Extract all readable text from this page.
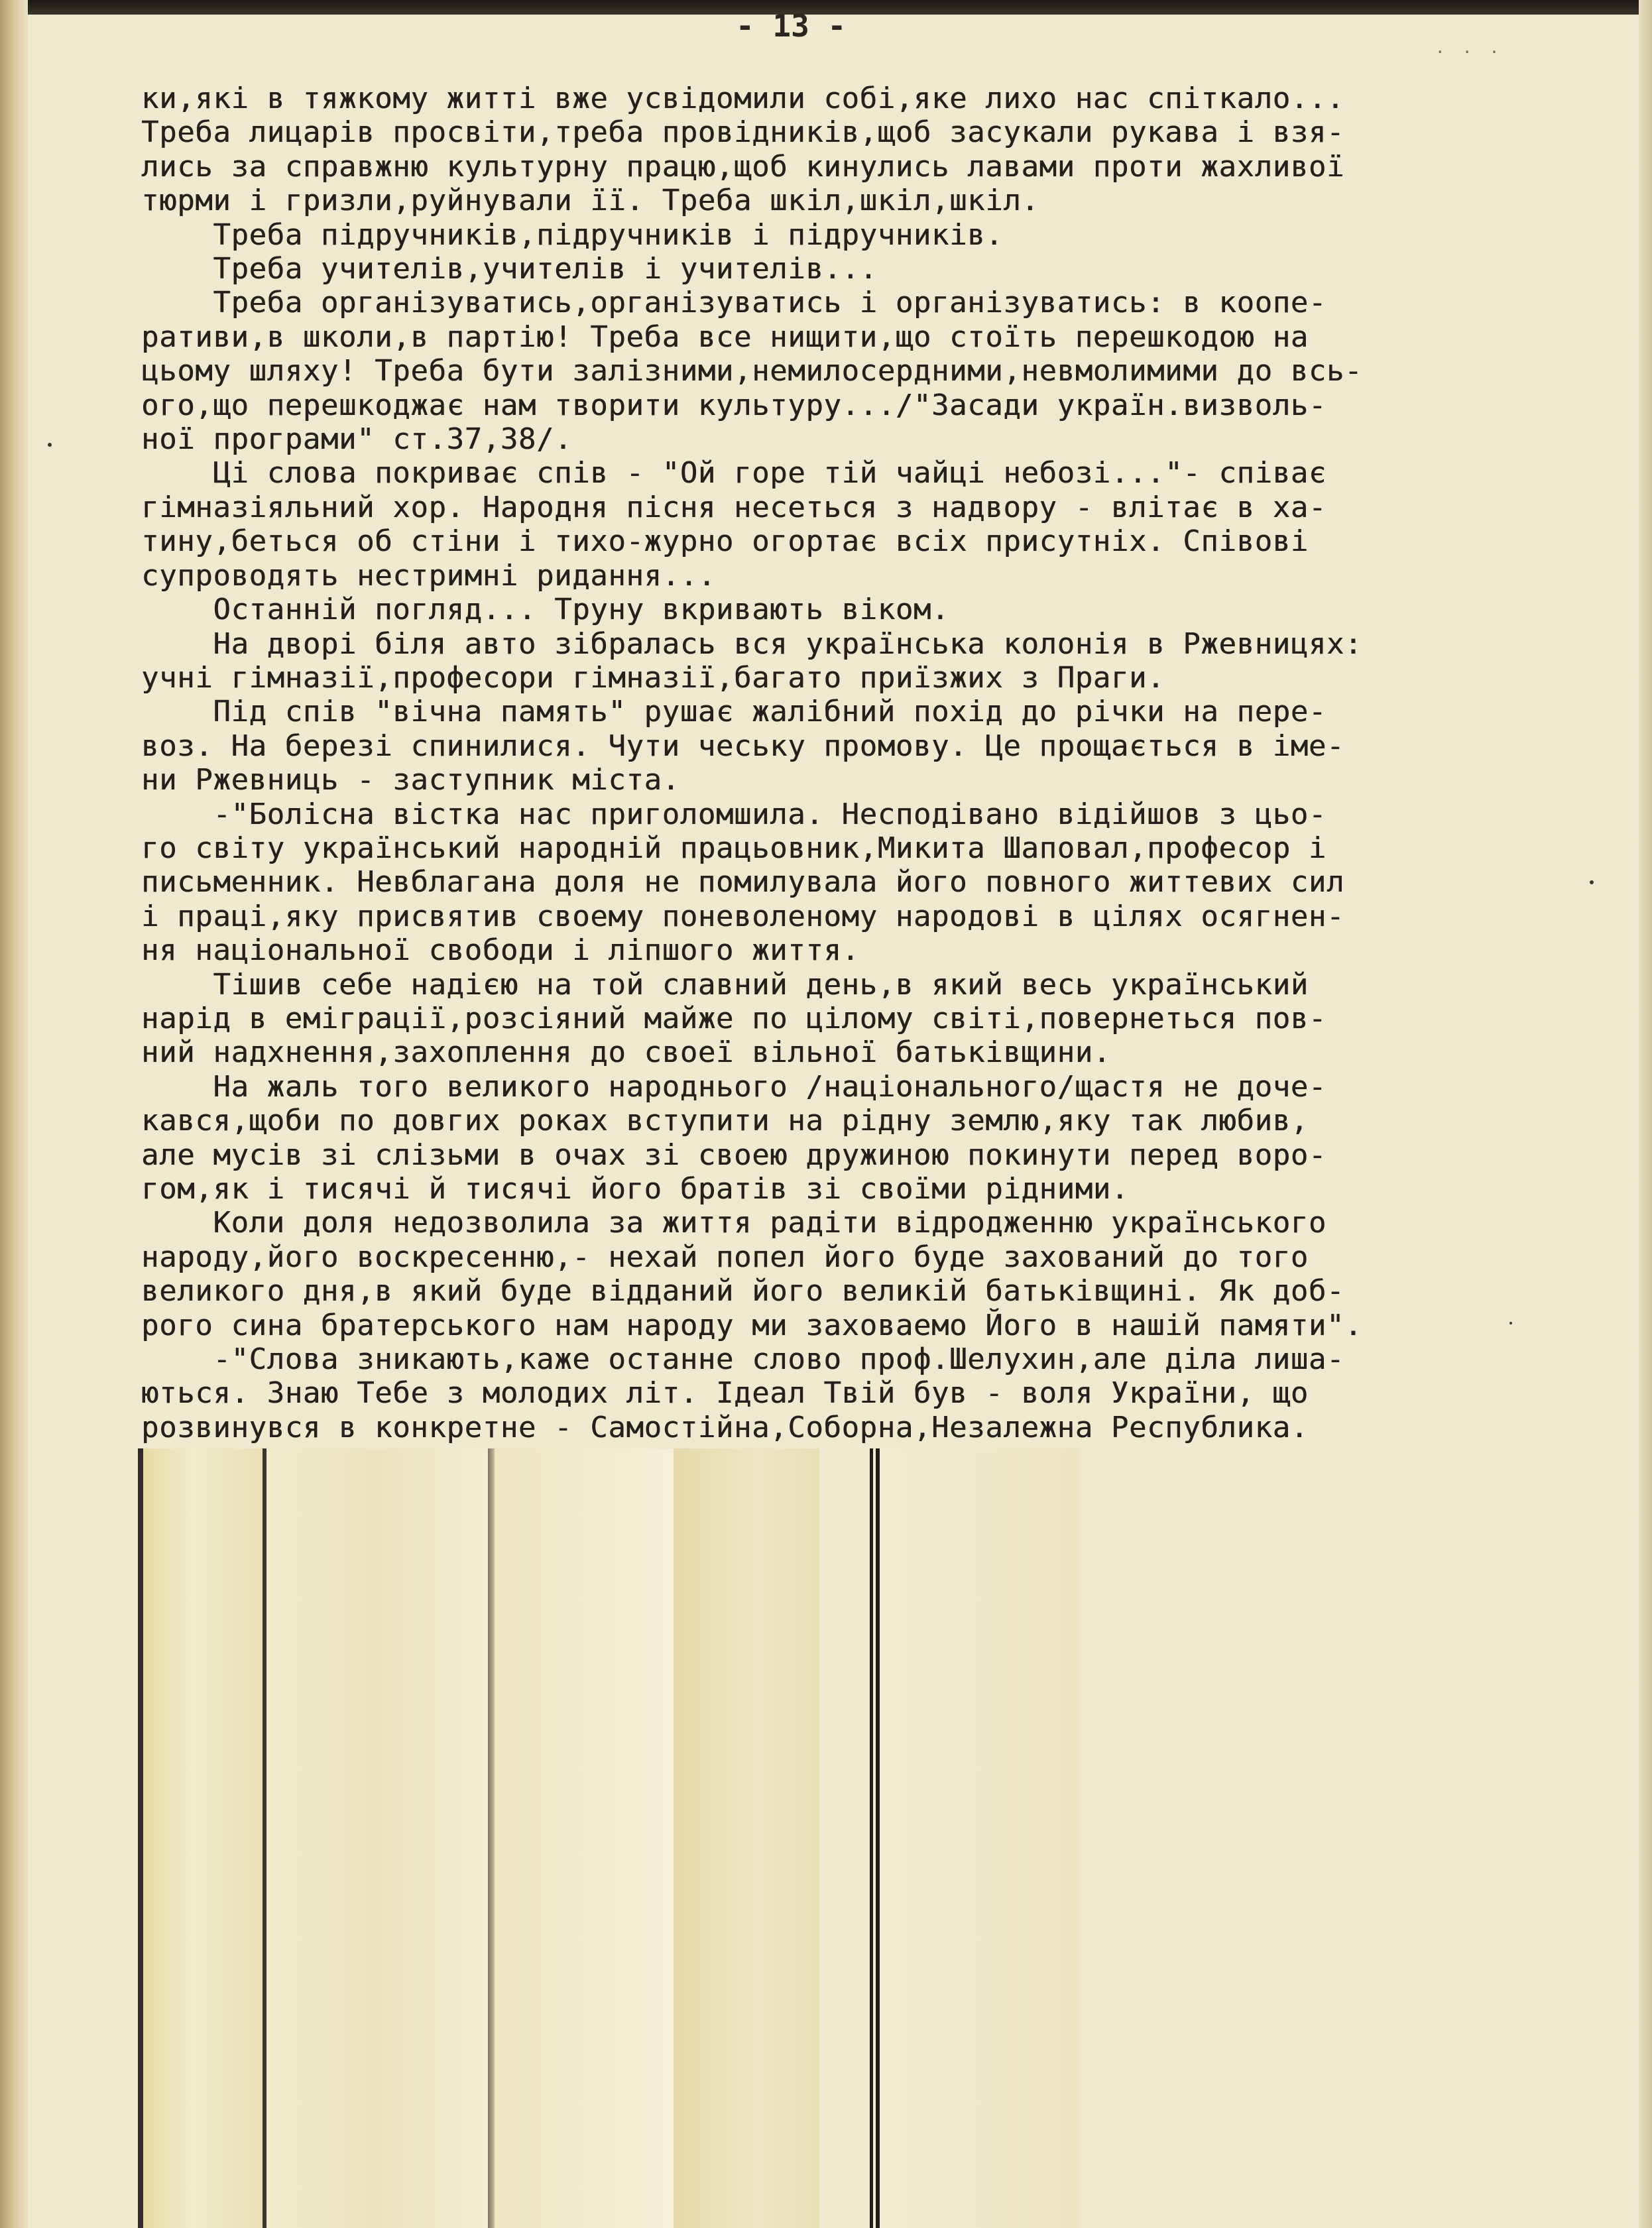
- 13 -

. . .
ки,які в тяжкому житті вже усвідомили собі,яке лихо нас спіткало...
Треба лицарів просвіти,треба провідників,щоб засукали рукава і взя-
лись за справжню культурну працю,щоб кинулись лавами проти жахливої
тюрми і гризли,руйнували її. Треба шкіл,шкіл,шкіл.
Треба підручників,підручників і підручників.
Треба учителів,учителів і учителів...
Треба організуватись,організуватись і організуватись: в коопе-
ративи,в школи,в партію! Треба все нищити,що стоїть перешкодою на
цьому шляху! Треба бути залізними,немилосердними,невмолимими до всь-
ого,що перешкоджає нам творити культуру.../"Засади україн.визволь-
ної програми" ст.37,38/.
Ці слова покриває спів - "Ой горе тій чайці небозі..."- співає
гімназіяльний хор. Народня пісня несеться з надвору - влітає в ха-
тину,беться об стіни і тихо-журно огортає всіх присутніх. Співові
супроводять нестримні ридання...
Останній погляд... Труну вкривають віком.
На дворі біля авто зібралась вся українська колонія в Ржевницях:
учні гімназії,професори гімназії,багато приїзжих з Праги.
Під спів "вічна память" рушає жалібний похід до річки на пере-
воз. На березі спинилися. Чути чеську промову. Це прощається в іме-
ни Ржевниць - заступник міста.
-"Болісна вістка нас приголомшила. Несподівано відійшов з цьо-
го світу український народній працьовник,Микита Шаповал,професор і
письменник. Невблагана доля не помилувала його повного життевих сил
і праці,яку присвятив своему поневоленому народові в цілях осягнен-
ня національної свободи і ліпшого життя.
Тішив себе надією на той славний день,в який весь український
нарід в еміграції,розсіяний майже по цілому світі,повернеться пов-
ний надхнення,захоплення до своеї вільної батьківщини.
На жаль того великого народнього /національного/щастя не доче-
кався,щоби по довгих роках вступити на рідну землю,яку так любив,
але мусів зі слізьми в очах зі своею дружиною покинути перед воро-
гом,як і тисячі й тисячі його братів зі своїми рідними.
Коли доля недозволила за життя радіти відродженню українського
народу,його воскресенню,- нехай попел його буде захований до того
великого дня,в який буде відданий його великій батьківщині. Як доб-
рого сина братерського нам народу ми заховаемо Його в нашій памяти".
-"Слова зникають,каже останне слово проф.Шелухин,але діла лиша-
ються. Знаю Тебе з молодих літ. Ідеал Твій був - воля України, що
розвинувся в конкретне - Самостійна,Соборна,Незалежна Республика.
